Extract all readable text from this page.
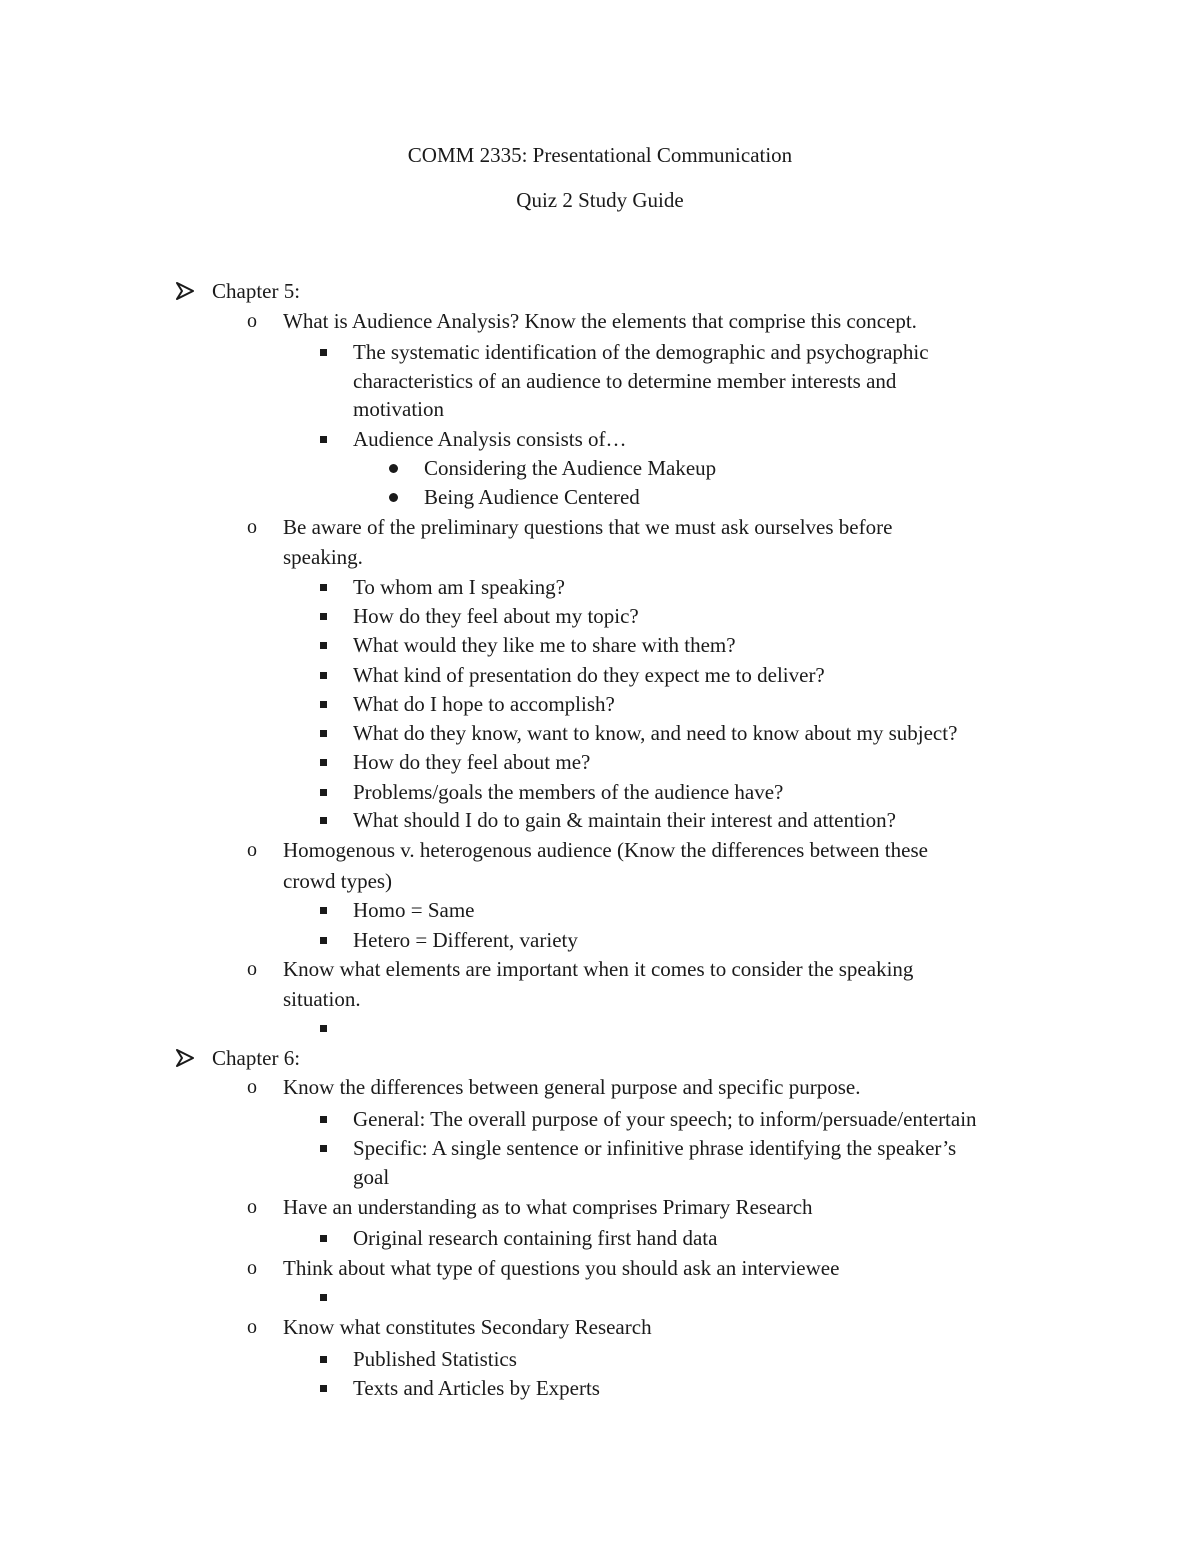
COMM 2335: Presentational Communication
Quiz 2 Study Guide
Chapter 5:
o What is Audience Analysis? Know the elements that comprise this concept.
The systematic identification of the demographic and psychographic
characteristics of an audience to determine member interests and
motivation
Audience Analysis consists of…
Considering the Audience Makeup
Being Audience Centered
o Be aware of the preliminary questions that we must ask ourselves before
speaking.
To whom am I speaking?
How do they feel about my topic?
What would they like me to share with them?
What kind of presentation do they expect me to deliver?
What do I hope to accomplish?
What do they know, want to know, and need to know about my subject?
How do they feel about me?
Problems/goals the members of the audience have?
What should I do to gain & maintain their interest and attention?
o Homogenous v. heterogenous audience (Know the differences between these
crowd types)
Homo = Same
Hetero = Different, variety
o Know what elements are important when it comes to consider the speaking
situation.
Chapter 6:
o Know the differences between general purpose and specific purpose.
General: The overall purpose of your speech; to inform/persuade/entertain
Specific: A single sentence or infinitive phrase identifying the speaker’s
goal
o Have an understanding as to what comprises Primary Research
Original research containing first hand data
o Think about what type of questions you should ask an interviewee
o Know what constitutes Secondary Research
Published Statistics
Texts and Articles by Experts
